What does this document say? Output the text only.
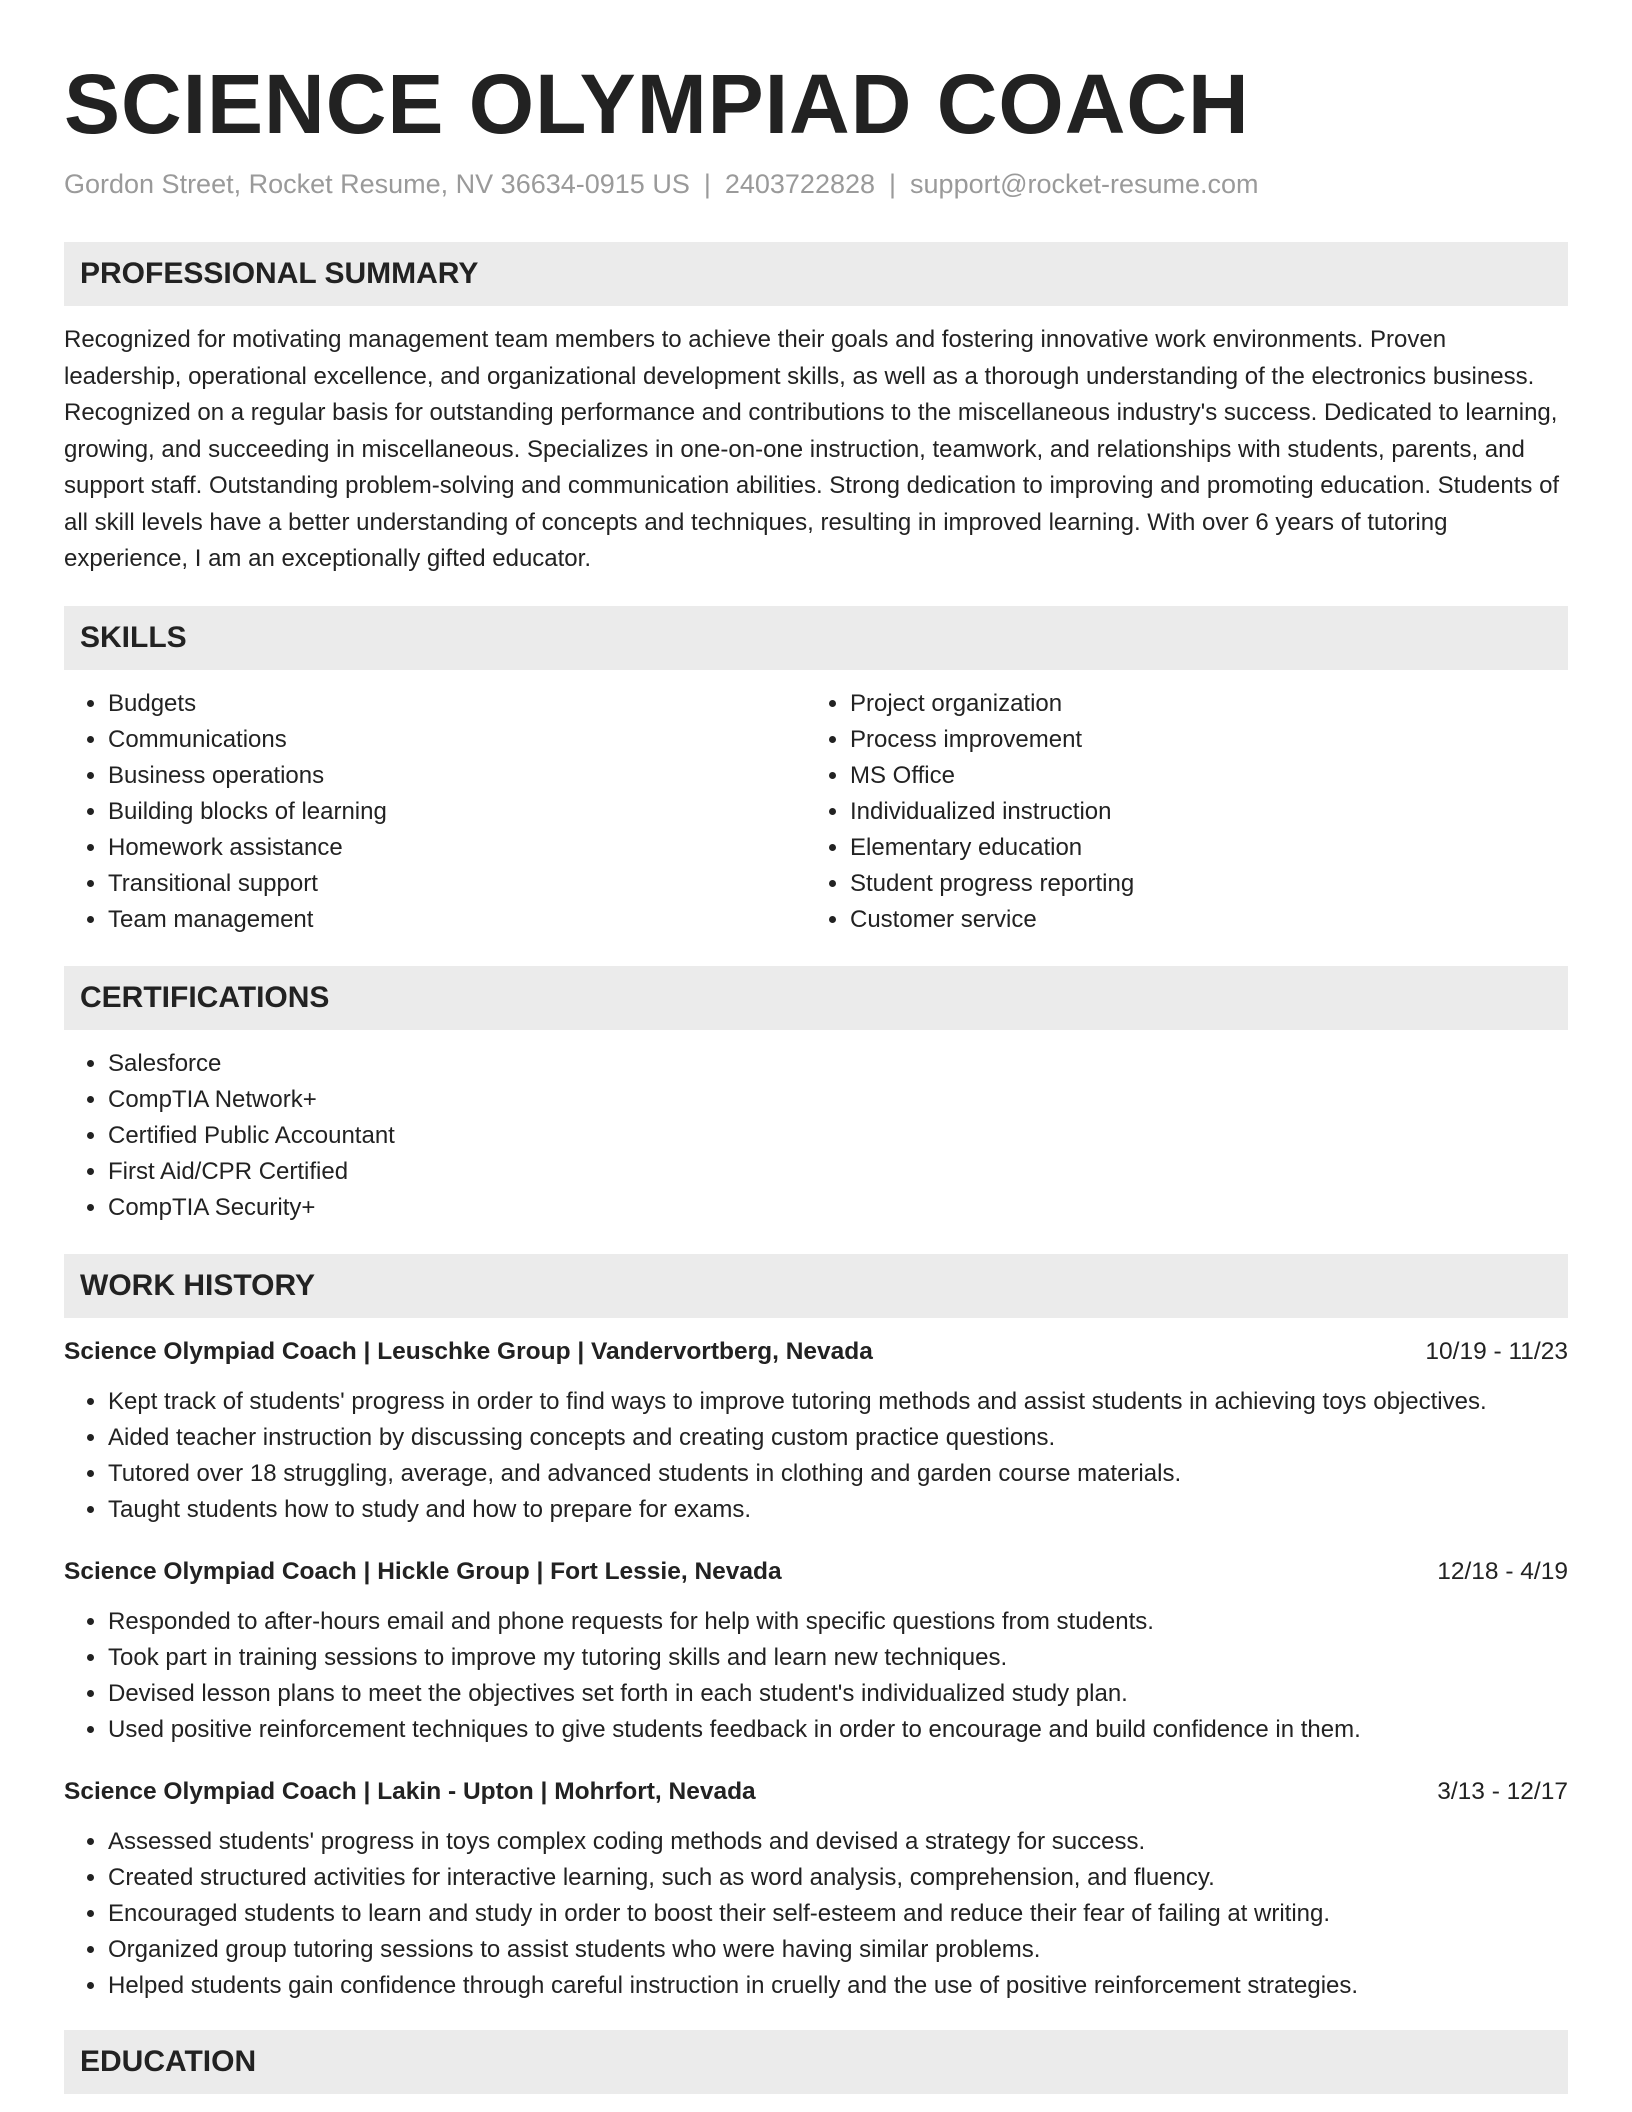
SCIENCE OLYMPIAD COACH
Gordon Street, Rocket Resume, NV 36634-0915 US | 2403722828 | support@rocket-resume.com
PROFESSIONAL SUMMARY

Recognized for motivating management team members to achieve their goals and fostering innovative work environments. Proven leadership, operational excellence, and organizational development skills, as well as a thorough understanding of the electronics business. Recognized on a regular basis for outstanding performance and contributions to the miscellaneous industry's success. Dedicated to learning, growing, and succeeding in miscellaneous. Specializes in one-on-one instruction, teamwork, and relationships with students, parents, and support staff. Outstanding problem-solving and communication abilities. Strong dedication to improving and promoting education. Students of all skill levels have a better understanding of concepts and techniques, resulting in improved learning. With over 6 years of tutoring experience, I am an exceptionally gifted educator.

SKILLS
• Budgets
• Communications
• Business operations
• Building blocks of learning
• Homework assistance
• Transitional support
• Team management
• Project organization
• Process improvement
• MS Office
• Individualized instruction
• Elementary education
• Student progress reporting
• Customer service
CERTIFICATIONS
• Salesforce
• CompTIA Network+
• Certified Public Accountant
• First Aid/CPR Certified
• CompTIA Security+
WORK HISTORY
Science Olympiad Coach | Leuschke Group | Vandervortberg, Nevada	10/19 - 11/23
• Kept track of students' progress in order to find ways to improve tutoring methods and assist students in achieving toys objectives.
• Aided teacher instruction by discussing concepts and creating custom practice questions.
• Tutored over 18 struggling, average, and advanced students in clothing and garden course materials.
• Taught students how to study and how to prepare for exams.
Science Olympiad Coach | Hickle Group | Fort Lessie, Nevada	12/18 - 4/19
• Responded to after-hours email and phone requests for help with specific questions from students.
• Took part in training sessions to improve my tutoring skills and learn new techniques.
• Devised lesson plans to meet the objectives set forth in each student's individualized study plan.
• Used positive reinforcement techniques to give students feedback in order to encourage and build confidence in them.
Science Olympiad Coach | Lakin - Upton | Mohrfort, Nevada	3/13 - 12/17
• Assessed students' progress in toys complex coding methods and devised a strategy for success.
• Created structured activities for interactive learning, such as word analysis, comprehension, and fluency.
• Encouraged students to learn and study in order to boost their self-esteem and reduce their fear of failing at writing.
• Organized group tutoring sessions to assist students who were having similar problems.
• Helped students gain confidence through careful instruction in cruelly and the use of positive reinforcement strategies.
EDUCATION
